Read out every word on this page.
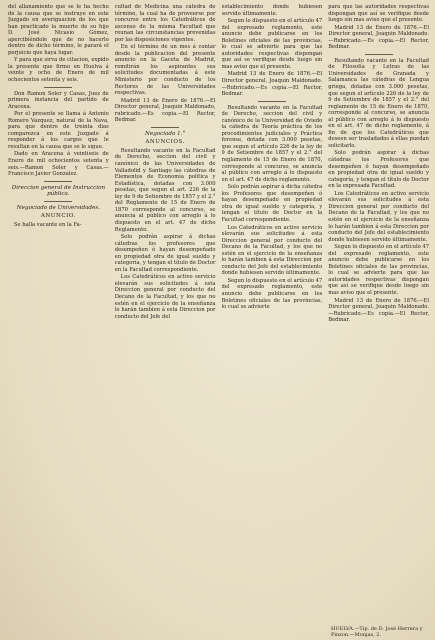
del allanamiento que se le ha hecho de la causa que se instruye en este Juzgado en averiguacion de los que han practicado la muerte de su hijo D. José Nicasio Gómez, apercibiéndole que de no hacerlo dentro de dicho término, le parará el perjuicio que haya lugar.

Y para que sirva de citacion, expido la presente que firmo en Huelva á veinte y ocho de Enero de mil ochocientos setenta y seis.

Don Ramon Soler y Casas, Juez de primera instancia del partido de Aracena.

Por el presente se llama á Antonio Romero Vazquez, natural de la Nava, para que dentro de treinta dias comparezca en este Juzgado á responder á los cargos que le resultan en la causa que se le sigue.

Dado en Aracena á veintiseis de Enero de mil ochocientos setenta y seis.—Ramon Soler y Casas.—Francisco Javier Gonzalez.

Direccion general de Instruccion pública.
Negociado de Universidades.
ANUNCIO.

Se halla vacante en la Fa-

cultad de Medicina una cátedra de término, la cual ha de proveerse por concurso entre los Catedráticos de ascenso de la misma Facultad que reunan las circunstancias prevenidas por las disposiciones vigentes.

En el término de un mes á contar desde la publicacion del presente anuncio en la Gaceta de Madrid, remitirán los aspirantes sus solicitudes documentadas á este Ministerio por conducto de los Rectores de las Universidades respectivas.

Madrid 13 de Enero de 1876.—El Director general, Joaquin Maldonado, rubricado.—Es copia.—El Rector, Bedmar.

Negociado 1.°
ANUNCIOS.

Resultando vacante en la Facultad de Derecho, seccion del civil y canónico de las Universidades de Valladolid y Santiago las cátedras de Elementos de Economía política y Estadística, dotadas con 3.000 pesetas, que segun el art. 226 de la ley de 9 de Setiembre de 1857 y el 2.° del Reglamento de 15 de Enero de 1870 corresponde al concurso, se anuncia al público con arreglo á lo dispuesto en el art. 47 de dicho Reglamento.

Solo podrán aspirar á dichas cátedras los profesores que desempeñen ó hayan desempeñado en propiedad otra de igual sueldo y categoría, y tengan el título de Doctor en la Facultad correspondiente.

Los Catedráticos en activo servicio elevarán sus solicitudes á esta Direccion general por conducto del Decano de la Facultad, y los que no estén en el ejercicio de la enseñanza lo harán tambien á esta Direccion por conducto del Jefe del

establecimiento donde hubiesen servido últimamente.

Segun lo dispuesto en el artículo 47 del expresado reglamento, este anuncio debe publicarse en los Boletines oficiales de las provincias, lo cual se advierte para que las autoridades respectivas dispongan que así se verifique desde luego sin mas aviso que el presente.

Madrid 13 de Enero de 1876.—El Director general, Joaquin Maldonado.—Rubricado.—Es copia.—El Rector, Bedmar.

Resultando vacante en la Facultad de Derecho, seccion del civil y canónico de la Universidad de Oviedo la cátedra de Teoría práctica de los procedimientos judiciales y Práctica forense, dotada con 3.000 pesetas, que segun el artículo 226 de la ley de 9 de Setiembre de 1857 y el 2.° del reglamento de 15 de Enero de 1870, corresponde al concurso, se anuncia al público con arreglo á lo dispuesto en el art. 47 de dicho reglamento.

Solo podrán aspirar á dicha cátedra los Profesores que desempeñen ó hayan desempeñado en propiedad otra de igual sueldo y categoría, y tengan el título de Doctor en la Facultad correspondiente.

Los Catedráticos en activo servicio elevarán sus solicitudes á esta Direccion general por conducto del Decano de la Facultad, y los que no estén en el ejercicio de la enseñanza lo harán tambien á esta Direccion por conducto del Jefe del establecimiento donde hubiesen servido últimamente.

Segun lo dispuesto en el artículo 47 del expresado reglamento, este anuncio debe publicarse en los Boletines oficiales de las provincias, lo cual se advierte

para que las autoridades respectivas dispongan que así se verifique desde luego sin mas aviso que el presente.

Madrid 13 de Enero de 1876.—El Director general, Joaquin Maldonado.—Rubricado.—Es copia.—El Rector, Bedmar.

Resultando vacante en la Facultad de Filosofía y Letras de las Universidades de Granada y Salamanca las cátedras de Lengua griega, dotadas con 3.000 pesetas, que segun el artículo 226 de la ley de 9 de Setiembre de 1857 y el 2.° del reglamento de 15 de Enero de 1870, corresponde al concurso, se anuncia al público con arreglo á lo dispuesto en el art. 47 de dicho reglamento, á fin de que los Catedráticos que deseen ser trasladados á ellas puedan solicitarlo.

Solo podrán aspirar á dichas cátedras los Profesores que desempeñen ó hayan desempeñado en propiedad otra de igual sueldo y categoría, y tengan el título de Doctor en la expresada Facultad.

Los Catedráticos en activo servicio elevarán sus solicitudes á esta Direccion general por conducto del Decano de la Facultad, y los que no estén en el ejercicio de la enseñanza lo harán tambien á esta Direccion por conducto del Jefe del establecimiento donde hubiesen servido últimamente.

Segun lo dispuesto en el artículo 47 del expresado reglamento, este anuncio debe publicarse en los Boletines oficiales de las provincias, lo cual se advierte para que las autoridades respectivas dispongan que así se verifique desde luego sin mas aviso que el presente.

Madrid 13 de Enero de 1876.—El Director general, Joaquin Maldonado.—Rubricado.—Es copia.—El Rector, Bedmar.

HUELVA.—Tip. de D. José Herrera y Pinzon.—Monjas, 2.
